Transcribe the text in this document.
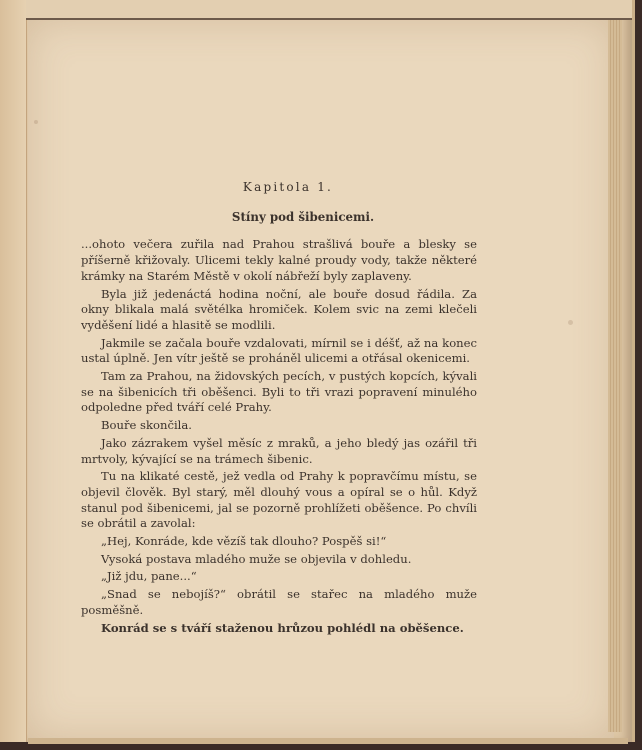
Kapitola 1.
Stíny pod šibenicemi.

...ohoto večera zuřila nad Prahou strašlivá bouře a blesky se příšerně křižovaly. Ulicemi tekly kalné proudy vody, takže některé krámky na Starém Městě v okolí nábřeží byly zaplaveny.

Byla již jedenáctá hodina noční, ale bouře dosud řádila. Za okny blikala malá světélka hromiček. Kolem svic na zemi klečeli vyděšení lidé a hlasitě se modlili.

Jakmile se začala bouře vzdalovati, mírnil se i déšť, až na konec ustal úplně. Jen vítr ještě se proháněl ulicemi a otřásal okenicemi.

Tam za Prahou, na židovských pecích, v pustých kopcích, kývali se na šibenicích tři oběšenci. Byli to tři vrazi popravení minulého odpoledne před tváří celé Prahy.

Bouře skončila.

Jako zázrakem vyšel měsíc z mraků, a jeho bledý jas ozářil tři mrtvoly, kývající se na trámech šibenic.

Tu na klikaté cestě, jež vedla od Prahy k popravčímu místu, se objevil člověk. Byl starý, měl dlouhý vous a opíral se o hůl. Když stanul pod šibenicemi, jal se pozorně prohlížeti oběšence. Po chvíli se obrátil a zavolal:

„Hej, Konráde, kde vězíš tak dlouho? Pospěš si!“

Vysoká postava mladého muže se objevila v dohledu.

„Již jdu, pane...“

„Snad se nebojíš?“ obrátil se stařec na mladého muže posměšně.

Konrád se s tváří staženou hrůzou pohlédl na oběšence.
